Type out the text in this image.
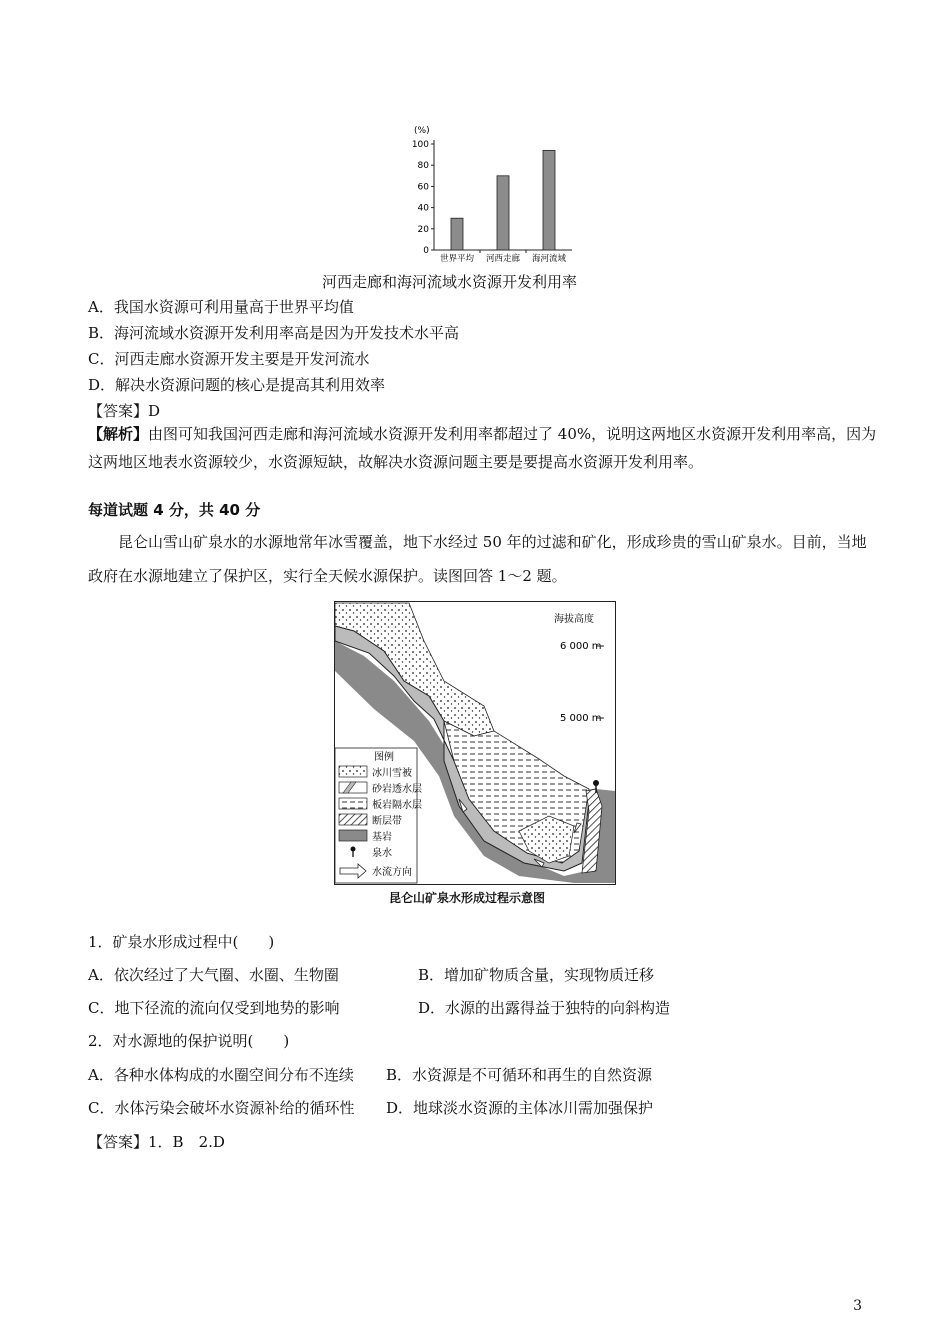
(%)
0
20
40
60
80
100
世界平均 河西走廊 海河流域
河西走廊和海河流域水资源开发利用率
A．我国水资源可利用量高于世界平均值
B．海河流域水资源开发利用率高是因为开发技术水平高
C．河西走廊水资源开发主要是开发河流水
D．解决水资源问题的核心是提高其利用效率
【答案】D
【解析】由图可知我国河西走廊和海河流域水资源开发利用率都超过了 40%，说明这两地区水资源开发利用率高，因为这两地区地表水资源较少，水资源短缺，故解决水资源问题主要是要提高水资源开发利用率。
每道试题 4 分，共 40 分
昆仑山雪山矿泉水的水源地常年冰雪覆盖，地下水经过 50 年的过滤和矿化，形成珍贵的雪山矿泉水。目前，当地政府在水源地建立了保护区，实行全天候水源保护。读图回答 1～2 题。
海拔高度
6 000 m
5 000 m
图例
冰川雪被
砂岩透水层
板岩隔水层
断层带
基岩
泉水
水流方向
昆仑山矿泉水形成过程示意图
1．矿泉水形成过程中(　　)
A．依次经过了大气圈、水圈、生物圈	B．增加矿物质含量，实现物质迁移
C．地下径流的流向仅受到地势的影响	D．水源的出露得益于独特的向斜构造
2．对水源地的保护说明(　　)
A．各种水体构成的水圈空间分布不连续 B．水资源是不可循环和再生的自然资源
C．水体污染会破坏水资源补给的循环性 D．地球淡水资源的主体冰川需加强保护
【答案】1．B　2.D
3
